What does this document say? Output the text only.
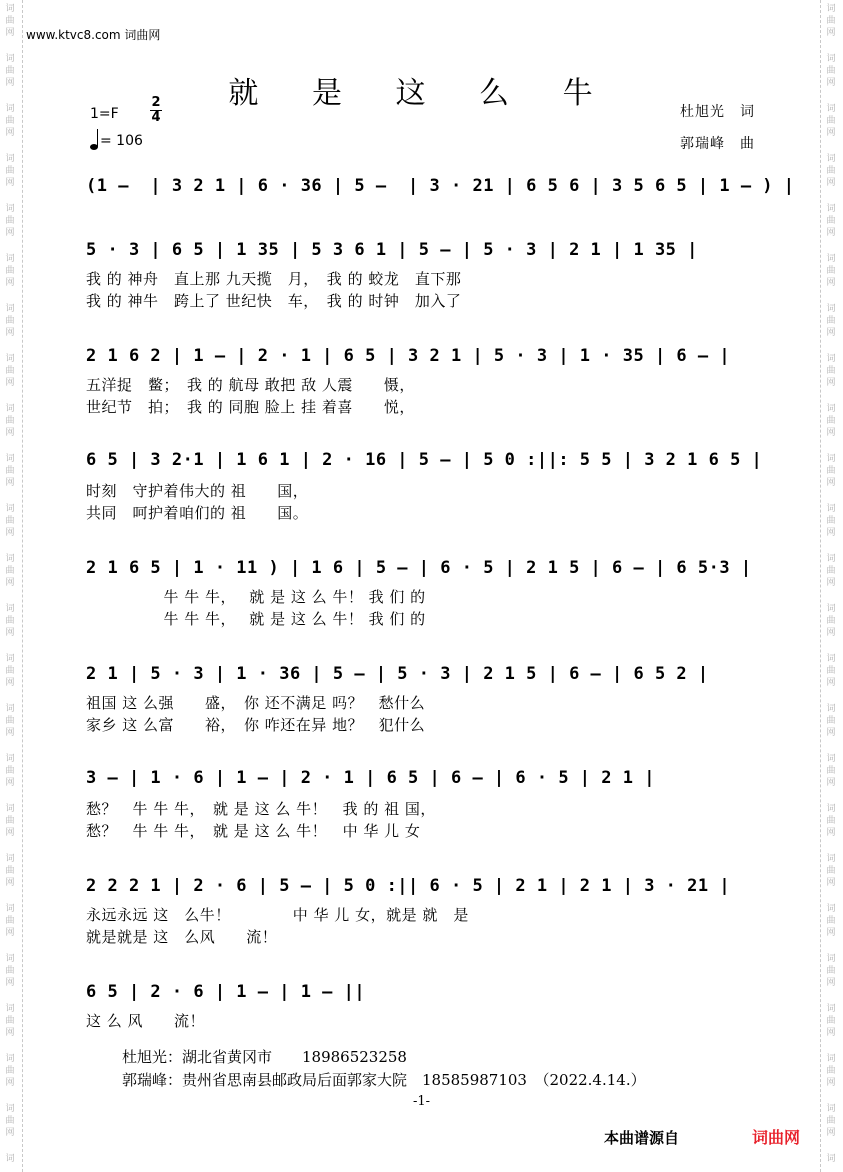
词
曲
网
词
曲
网
词
曲
网
词
曲
网
词
曲
网
词
曲
网
词
曲
网
词
曲
网
词
曲
网
词
曲
网
词
曲
网
词
曲
网
词
曲
网
词
曲
网
词
曲
网
词
曲
网
词
曲
网
词
曲
网
词
曲
网
词
曲
网
词
曲
网
词
曲
网
词
曲
网
词
词
曲
网
词
曲
网
词
曲
网
词
曲
网
词
曲
网
词
曲
网
词
曲
网
词
曲
网
词
曲
网
词
曲
网
词
曲
网
词
曲
网
词
曲
网
词
曲
网
词
曲
网
词
曲
网
词
曲
网
词
曲
网
词
曲
网
词
曲
网
词
曲
网
词
曲
网
词
曲
网
词
www.ktvc8.com 词曲网
就 是 这 么 牛
杜旭光　词
郭瑞峰　曲
1=F
2
4
= 106
(1 –  | 3 2 1 | 6 · 36 | 5 –  | 3 · 21 | 6 5 6 | 3 5 6 5 | 1 – ) |
5 · 3 | 6 5 | 1 35 | 5 3 6 1 | 5 – | 5 · 3 | 2 1 | 1 35 |
我 的 神舟　直上那 九天揽　月，　我 的 蛟龙　直下那
我 的 神牛　跨上了 世纪快　车，　我 的 时钟　加入了
2 1 6 2 | 1 – | 2 · 1 | 6 5 | 3 2 1 | 5 · 3 | 1 · 35 | 6 – |
五洋捉　鳖；　我 的 航母 敢把 敌 人震　　慑，
世纪节　拍；　我 的 同胞 脸上 挂 着喜　　悦，
6 5 | 3 2·1 | 1 6 1 | 2 · 16 | 5 – | 5 0 :||: 5 5 | 3 2 1 6 5 |
时刻　守护着伟大的 祖　　国，
共同　呵护着咱们的 祖　　国。
2 1 6 5 | 1 · 11 ) | 1 6 | 5 – | 6 · 5 | 2 1 5 | 6 – | 6 5·3 |
　　　　　牛 牛 牛，　 就 是 这 么 牛！ 我 们 的
　　　　　牛 牛 牛，　 就 是 这 么 牛！ 我 们 的
2 1 | 5 · 3 | 1 · 36 | 5 – | 5 · 3 | 2 1 5 | 6 – | 6 5 2 |
祖国 这 么强　　盛，　你 还不满足 吗？　愁什么
家乡 这 么富　　裕，　你 咋还在异 地？　犯什么
3 – | 1 · 6 | 1 – | 2 · 1 | 6 5 | 6 – | 6 · 5 | 2 1 |
愁？　牛 牛 牛，　就 是 这 么 牛！　我 的 祖 国，
愁？　牛 牛 牛，　就 是 这 么 牛！　中 华 儿 女
2 2 2 1 | 2 · 6 | 5 – | 5 0 :|| 6 · 5 | 2 1 | 2 1 | 3 · 21 |
永远永远 这　么牛！　　　　中 华 儿 女，就是 就　是
就是就是 这　么风　　流！
6 5 | 2 · 6 | 1 – | 1 – ||
这 么 风　　流！
杜旭光：湖北省黄冈市　　18986523258
郭瑞峰：贵州省思南县邮政局后面郭家大院　18585987103　（2022.4.14.）
-1-
本曲谱源自	词曲网
